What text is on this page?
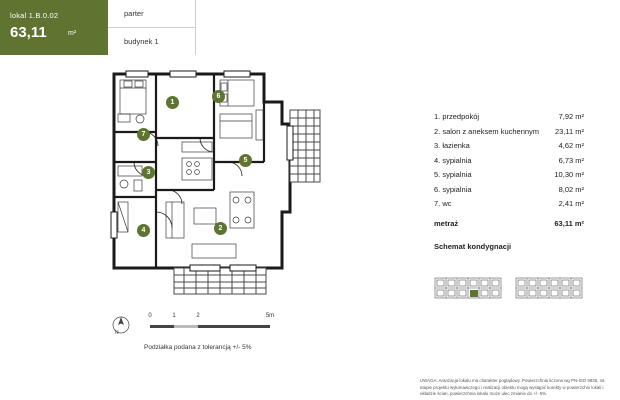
lokal 1.B.0.02
63,11	m²
parter
budynek 1
1
2
3
4
5
6
7
N
0	1	2	5m
Podziałka podana z tolerancją +/- 5%
1. przedpokój	7,92 m²
2. salon z aneksem kuchennym 23,11 m²
3. łazienka	4,62 m²
4. sypialnia	6,73 m²
5. sypialnia	10,30 m²
6. sypialnia	8,02 m²
7. wc	2,41 m²
metraż	63,11 m²
Schemat kondygnacji
UWAGA: Aranżacja lokalu ma charakter poglądowy. Powierzchnia liczona wg PN-ISO 9836, na etapie projektu wykonawczego i realizacji obiektu mogą wystąpić korekty w powierzchni lokali i układzie ścian, powierzchnia lokalu może ulec zmianie do +/- 5%.
